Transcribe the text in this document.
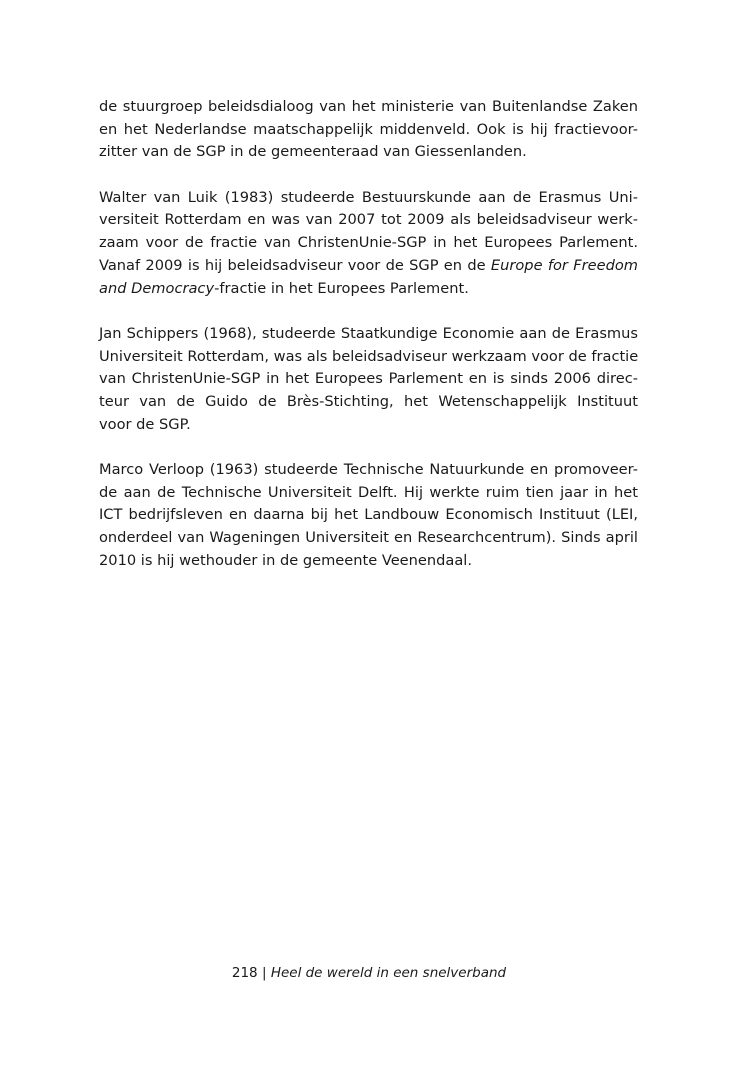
de stuurgroep beleidsdialoog van het ministerie van Buitenlandse Zaken
en het Nederlandse maatschappelijk middenveld. Ook is hij fractievoor-
zitter van de SGP in de gemeenteraad van Giessenlanden.
Walter van Luik (1983) studeerde Bestuurskunde aan de Erasmus Uni-
versiteit Rotterdam en was van 2007 tot 2009 als beleidsadviseur werk-
zaam voor de fractie van ChristenUnie-SGP in het Europees Parlement.
Vanaf 2009 is hij beleidsadviseur voor de SGP en de Europe for Freedom
and Democracy-fractie in het Europees Parlement.
Jan Schippers (1968), studeerde Staatkundige Economie aan de Erasmus
Universiteit Rotterdam, was als beleidsadviseur werkzaam voor de fractie
van ChristenUnie-SGP in het Europees Parlement en is sinds 2006 direc-
teur van de Guido de Brès-Stichting, het Wetenschappelijk Instituut
voor de SGP.
Marco Verloop (1963) studeerde Technische Natuurkunde en promoveer-
de aan de Technische Universiteit Delft. Hij werkte ruim tien jaar in het
ICT bedrijfsleven en daarna bij het Landbouw Economisch Instituut (LEI,
onderdeel van Wageningen Universiteit en Researchcentrum). Sinds april
2010 is hij wethouder in de gemeente Veenendaal.
218 | Heel de wereld in een snelverband
